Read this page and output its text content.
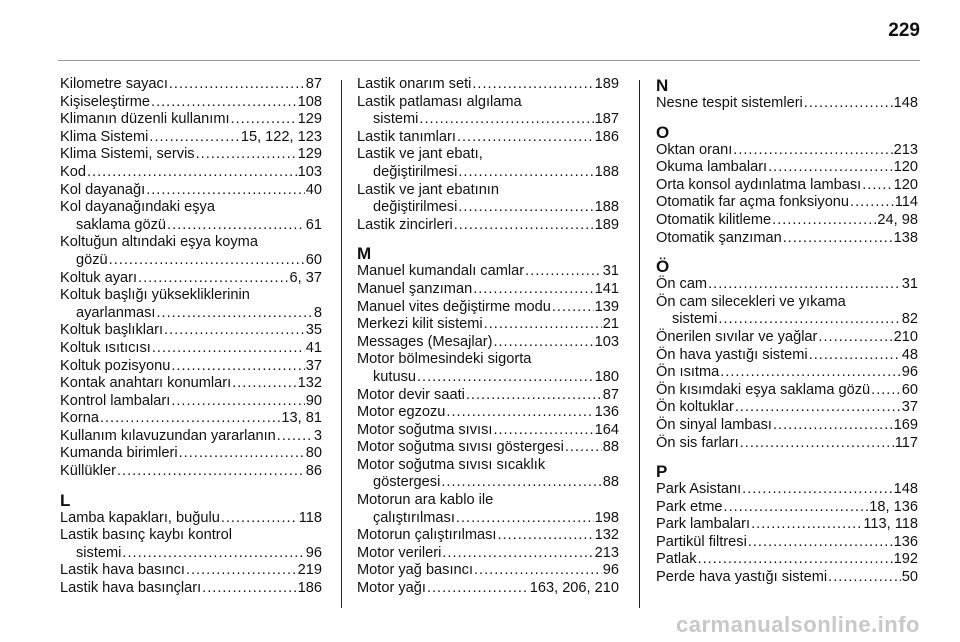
229
Kilometre sayacı .....	87
Kişiseleştirme .....	108
Klimanın düzenli kullanımı .....	129
Klima Sistemi .....	15, 122, 123
Klima Sistemi, servis .....	129
Kod .....	103
Kol dayanağı .....	40
Kol dayanağındaki eşya
saklama gözü .....	61
Koltuğun altındaki eşya koyma
gözü .....	60
Koltuk ayarı .....	6, 37
Koltuk başlığı yüksekliklerinin
ayarlanması .....	8
Koltuk başlıkları .....	35
Koltuk ısıtıcısı .....	41
Koltuk pozisyonu .....	37
Kontak anahtarı konumları .....	132
Kontrol lambaları .....	90
Korna .....	13, 81
Kullanım kılavuzundan yararlanın .....	3
Kumanda birimleri .....	80
Küllükler .....	86
L
Lamba kapakları, buğulu .....	118
Lastik basınç kaybı kontrol
sistemi .....	96
Lastik hava basıncı .....	219
Lastik hava basınçları .....	186
Lastik onarım seti .....	189
Lastik patlaması algılama
sistemi .....	187
Lastik tanımları .....	186
Lastik ve jant ebatı,
değiştirilmesi .....	188
Lastik ve jant ebatının
değiştirilmesi .....	188
Lastik zincirleri .....	189
M
Manuel kumandalı camlar .....	31
Manuel şanzıman .....	141
Manuel vites değiştirme modu .....	139
Merkezi kilit sistemi .....	21
Messages (Mesajlar) .....	103
Motor bölmesindeki sigorta
kutusu .....	180
Motor devir saati .....	87
Motor egzozu .....	136
Motor soğutma sıvısı .....	164
Motor soğutma sıvısı göstergesi .....	88
Motor soğutma sıvısı sıcaklık
göstergesi .....	88
Motorun ara kablo ile
çalıştırılması .....	198
Motorun çalıştırılması .....	132
Motor verileri .....	213
Motor yağ basıncı .....	96
Motor yağı .....	163, 206, 210
N
Nesne tespit sistemleri .....	148
O
Oktan oranı .....	213
Okuma lambaları .....	120
Orta konsol aydınlatma lambası ..... 120
Otomatik far açma fonksiyonu .....	114
Otomatik kilitleme .....	24, 98
Otomatik şanzıman .....	138
Ö
Ön cam .....	31
Ön cam silecekleri ve yıkama
sistemi .....	82
Önerilen sıvılar ve yağlar .....	210
Ön hava yastığı sistemi .....	48
Ön ısıtma .....	96
Ön kısımdaki eşya saklama gözü ..... 60
Ön koltuklar .....	37
Ön sinyal lambası .....	169
Ön sis farları .....	117
P
Park Asistanı .....	148
Park etme .....	18, 136
Park lambaları .....	113, 118
Partikül filtresi .....	136
Patlak .....	192
Perde hava yastığı sistemi .....	50
carmanualsonline.info
